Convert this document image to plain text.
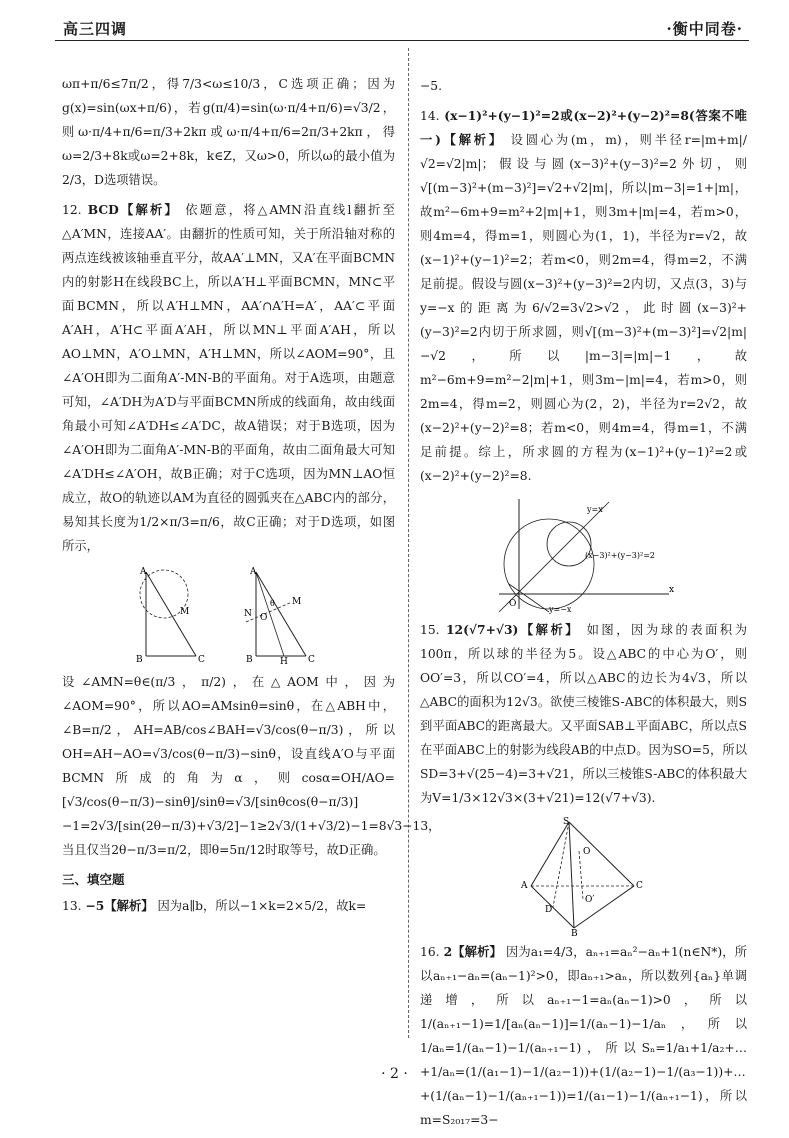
高三四调	·衡中同卷·
ωπ+π/6≤7π/2，得7/3<ω≤10/3，C选项正确；因为g(x)=sin(ωx+π/6)，若g(π/4)=sin(ω·π/4+π/6)=√3/2，则ω·π/4+π/6=π/3+2kπ或ω·π/4+π/6=2π/3+2kπ，得ω=2/3+8k或ω=2+8k，k∈Z，又ω>0，所以ω的最小值为2/3，D选项错误。
12. BCD【解析】 依题意，将△AMN沿直线l翻折至△A′MN，连接AA′。由翻折的性质可知，关于所沿轴对称的两点连线被该轴垂直平分，故AA′⊥MN，又A′在平面BCMN内的射影H在线段BC上，所以A′H⊥平面BCMN，MN⊂平面BCMN，所以A′H⊥MN，AA′∩A′H=A′，AA′⊂平面A′AH，A′H⊂平面A′AH，所以MN⊥平面A′AH，所以AO⊥MN，A′O⊥MN，A′H⊥MN，所以∠AOM=90°，且∠A′OH即为二面角A′-MN-B的平面角。对于A选项，由题意可知，∠A′DH为A′D与平面BCMN所成的线面角，故由线面角最小可知∠A′DH≤∠A′DC，故A错误；对于B选项，因为∠A′OH即为二面角A′-MN-B的平面角，故由二面角最大可知∠A′DH≤∠A′OH，故B正确；对于C选项，因为MN⊥AO恒成立，故O的轨迹以AM为直径的圆弧夹在△ABC内的部分，易知其长度为1/2×π/3=π/6，故C正确；对于D选项，如图所示，
A
M
B	C
A
θ M
N O
B	H C
设∠AMN=θ∈(π/3，π/2)，在△AOM中，因为∠AOM=90°，所以AO=AMsinθ=sinθ，在△ABH中，∠B=π/2，AH=AB/cos∠BAH=√3/cos(θ−π/3)，所以OH=AH−AO=√3/cos(θ−π/3)−sinθ，设直线A′O与平面BCMN所成的角为α，则cosα=OH/AO=[√3/cos(θ−π/3)−sinθ]/sinθ=√3/[sinθcos(θ−π/3)]−1=2√3/[sin(2θ−π/3)+√3/2]−1≥2√3/(1+√3/2)−1=8√3−13，当且仅当2θ−π/3=π/2，即θ=5π/12时取等号，故D正确。
三、填空题
13. −5【解析】 因为a∥b，所以−1×k=2×5/2，故k=
−5.
14. (x−1)²+(y−1)²=2或(x−2)²+(y−2)²=8(答案不唯一)【解析】 设圆心为(m，m)，则半径r=|m+m|/√2=√2|m|；假设与圆(x−3)²+(y−3)²=2外切，则√[(m−3)²+(m−3)²]=√2+√2|m|，所以|m−3|=1+|m|，故m²−6m+9=m²+2|m|+1，则3m+|m|=4，若m>0，则4m=4，得m=1，则圆心为(1，1)，半径为r=√2，故(x−1)²+(y−1)²=2；若m<0，则2m=4，得m=2，不满足前提。假设与圆(x−3)²+(y−3)²=2内切，又点(3，3)与y=−x的距离为6/√2=3√2>√2，此时圆(x−3)²+(y−3)²=2内切于所求圆，则√[(m−3)²+(m−3)²]=√2|m|−√2，所以|m−3|=|m|−1，故m²−6m+9=m²−2|m|+1，则3m−|m|=4，若m>0，则2m=4，得m=2，则圆心为(2，2)，半径为r=2√2，故(x−2)²+(y−2)²=8；若m<0，则4m=4，得m=1，不满足前提。综上，所求圆的方程为(x−1)²+(y−1)²=2或(x−2)²+(y−2)²=8.
y=x
(x−3)²+(y−3)²=2
O
x
y=−x
15. 12(√7+√3)【解析】 如图，因为球的表面积为100π，所以球的半径为5。设△ABC的中心为O′，则OO′=3，所以CO′=4，所以△ABC的边长为4√3，所以△ABC的面积为12√3。欲使三棱锥S-ABC的体积最大，则S到平面ABC的距离最大。又平面SAB⊥平面ABC，所以点S在平面ABC上的射影为线段AB的中点D。因为SO=5，所以SD=3+√(25−4)=3+√21，所以三棱锥S-ABC的体积最大为V=1/3×12√3×(3+√21)=12(√7+√3).
S
O
A
D
O′
C
B
16. 2【解析】 因为a₁=4/3，aₙ₊₁=aₙ²−aₙ+1(n∈N*)，所以aₙ₊₁−aₙ=(aₙ−1)²>0，即aₙ₊₁>aₙ，所以数列{aₙ}单调递增，所以aₙ₊₁−1=aₙ(aₙ−1)>0，所以1/(aₙ₊₁−1)=1/[aₙ(aₙ−1)]=1/(aₙ−1)−1/aₙ，所以1/aₙ=1/(aₙ−1)−1/(aₙ₊₁−1)，所以Sₙ=1/a₁+1/a₂+…+1/aₙ=(1/(a₁−1)−1/(a₂−1))+(1/(a₂−1)−1/(a₃−1))+…+(1/(aₙ−1)−1/(aₙ₊₁−1))=1/(a₁−1)−1/(aₙ₊₁−1)，所以m=S₂₀₁₇=3−
· 2 ·
